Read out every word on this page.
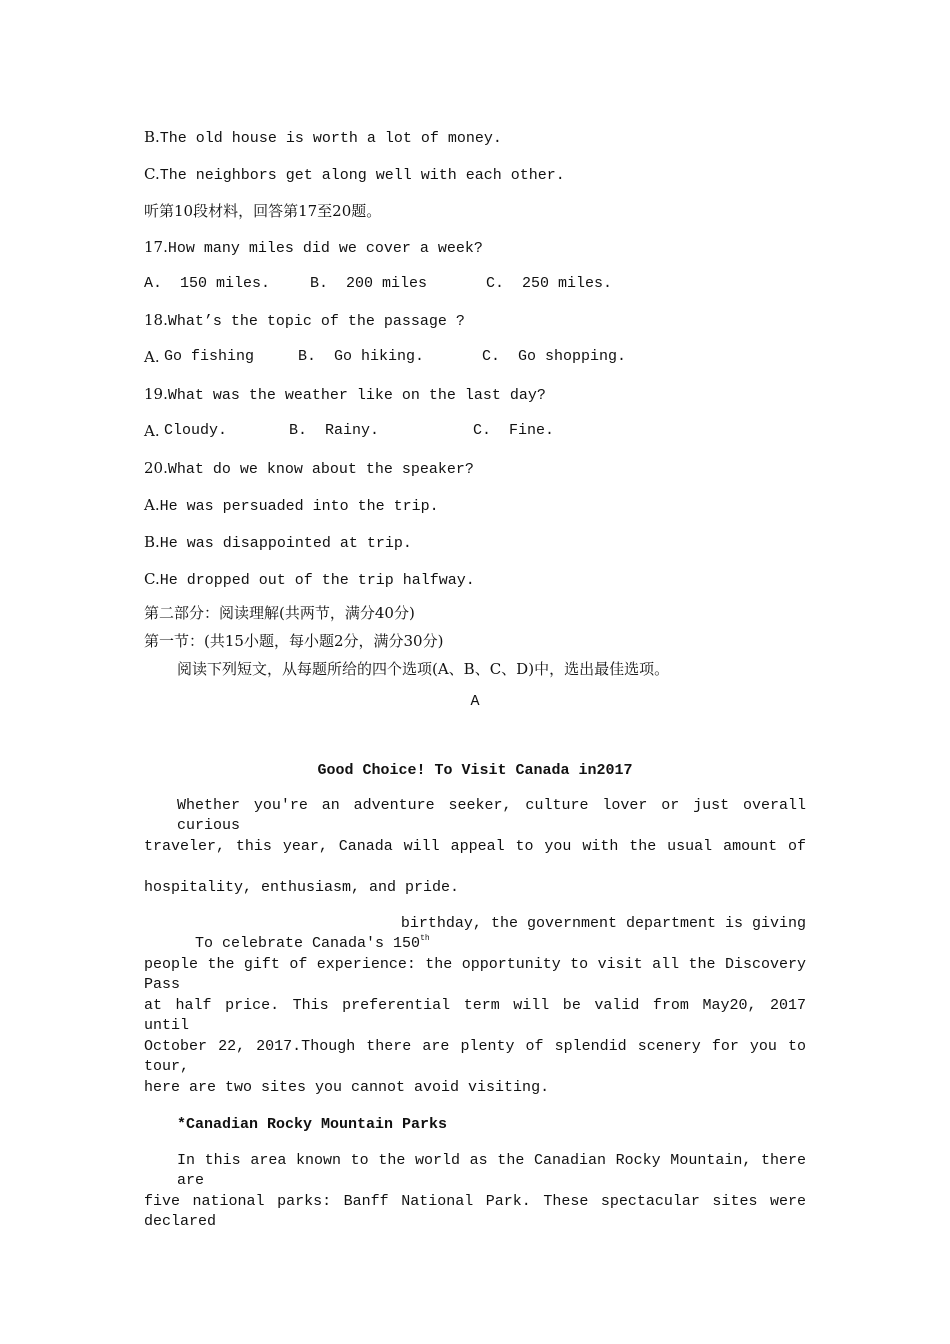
B.The old house is worth a lot of money.
C.The neighbors get along well with each other.
听第10段材料，回答第17至20题。
17.How many miles did we cover a week?

A.  150 miles.

	B.  200 miles

	C.  250 miles.

18.What’s the topic of the passage ?

A.

Go fishing

	B.  Go hiking.

	C.  Go shopping.

19.What was the weather like on the last day?

A.

Cloudy.

	B.  Rainy.

	C.  Fine.

20.What do we know about the speaker?
A.He was persuaded into the trip.
B.He was disappointed at trip.
C.He dropped out of the trip halfway.
第二部分：阅读理解(共两节，满分40分)
第一节：(共15小题，每小题2分，满分30分)
阅读下列短文，从每题所给的四个选项(A、B、C、D)中，选出最佳选项。
A
Good Choice! To Visit Canada in2017
Whether you're an adventure seeker, culture lover or just overall curious
traveler, this year, Canada will appeal to you with the usual amount of
hospitality, enthusiasm, and pride.

To celebrate Canada's 150th
birthday, the government department is giving

people the gift of experience: the opportunity to visit all the Discovery Pass
at half price. This preferential term will be valid from May20, 2017 until
October 22, 2017.Though there are plenty of splendid scenery for you to tour,
here are two sites you cannot avoid visiting.
*Canadian Rocky Mountain Parks
In this area known to the world as the Canadian Rocky Mountain, there are
five national parks: Banff National Park. These spectacular sites were declared
